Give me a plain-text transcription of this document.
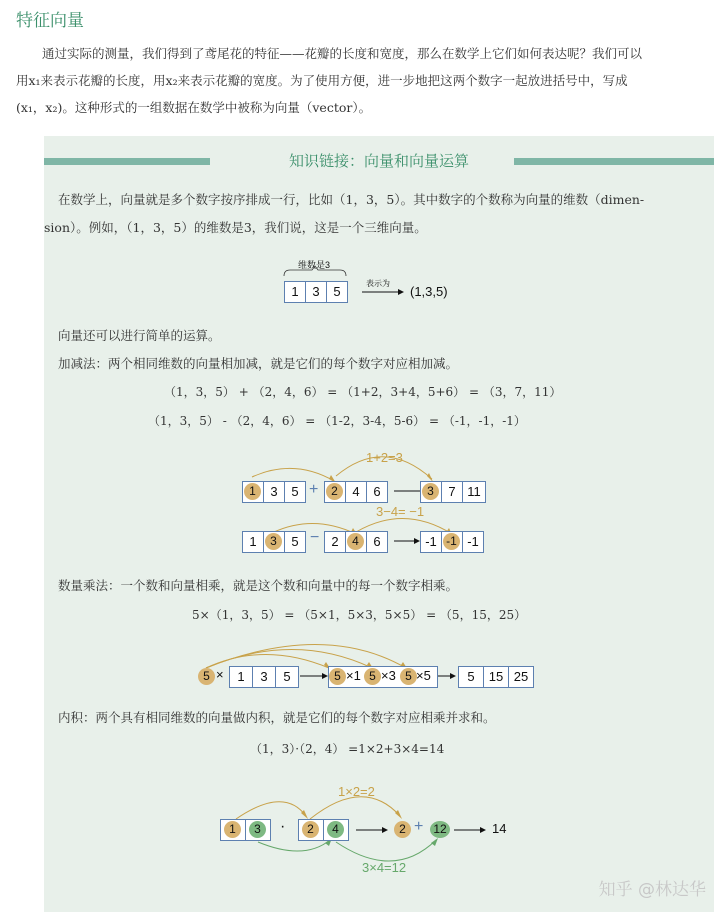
特征向量
通过实际的测量，我们得到了鸢尾花的特征——花瓣的长度和宽度，那么在数学上它们如何表达呢？我们可以
用x₁来表示花瓣的长度，用x₂来表示花瓣的宽度。为了使用方便，进一步地把这两个数字一起放进括号中，写成
(x₁，x₂)。这种形式的一组数据在数学中被称为向量（vector）。
知识链接：向量和向量运算
在数学上，向量就是多个数字按序排成一行，比如（1，3，5）。其中数字的个数称为向量的维数（dimen-
sion）。例如，（1，3，5）的维数是3，我们说，这是一个三维向量。
维数是3
1	3	5
表示为
(1,3,5)
向量还可以进行简单的运算。
加减法：两个相同维数的向量相加减，就是它们的每个数字对应相加减。
（1，3，5） + （2，4，6） = （1+2，3+4，5+6） = （3，7，11）
（1，3，5） - （2，4，6） = （1-2，3-4，5-6） = （-1，-1，-1）
1+2=3
1	3	5 +	2	4	6	3	7 11
3−4= −1
1	3	5 − 2	4	6	-1 -1 -1
数量乘法：一个数和向量相乘，就是这个数和向量中的每一个数字相乘。
5×（1，3，5） = （5×1，5×3，5×5） = （5，15，25）
5 ×	1	3	5	5 ×1 5 ×3 5 ×5	5	15 25
内积：两个具有相同维数的向量做内积，就是它们的每个数字对应相乘并求和。
（1，3）·（2，4） =1×2+3×4=14
1×2=2
3×4=12
1	3	·	2	4	2 + 12	14
知乎 @林达华
